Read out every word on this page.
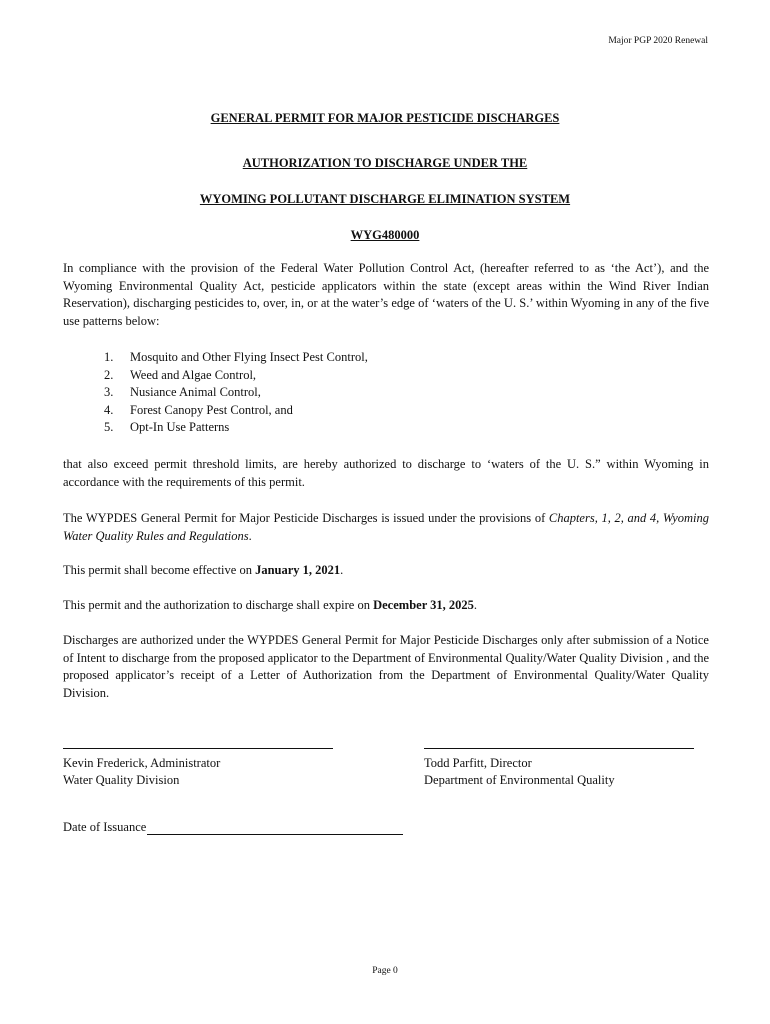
Major PGP 2020 Renewal
GENERAL PERMIT FOR MAJOR PESTICIDE DISCHARGES
AUTHORIZATION TO DISCHARGE UNDER THE
WYOMING POLLUTANT DISCHARGE ELIMINATION SYSTEM
WYG480000
In compliance with the provision of the Federal Water Pollution Control Act, (hereafter referred to as ‘the Act’), and the Wyoming Environmental Quality Act, pesticide applicators within the state (except areas within the Wind River Indian Reservation), discharging pesticides to, over, in, or at the water’s edge of ‘waters of the U. S.’ within Wyoming in any of the five use patterns below:
1.	Mosquito and Other Flying Insect Pest Control,
2.	Weed and Algae Control,
3.	Nusiance Animal Control,
4.	Forest Canopy Pest Control, and
5.	Opt-In Use Patterns
that also exceed permit threshold limits, are hereby authorized to discharge to ‘waters of the U. S.” within Wyoming in accordance with the requirements of this permit.
The WYPDES General Permit for Major Pesticide Discharges is issued under the provisions of Chapters, 1, 2, and 4, Wyoming Water Quality Rules and Regulations.
This permit shall become effective on January 1, 2021.
This permit and the authorization to discharge shall expire on December 31, 2025.
Discharges are authorized under the WYPDES General Permit for Major Pesticide Discharges only after submission of a Notice of Intent to discharge from the proposed applicator to the Department of Environmental Quality/Water Quality Division , and the proposed applicator’s receipt of a Letter of Authorization from the Department of Environmental Quality/Water Quality Division.
Kevin Frederick, Administrator
Water Quality Division
Todd Parfitt, Director
Department of Environmental Quality
Date of Issuance
Page 0
